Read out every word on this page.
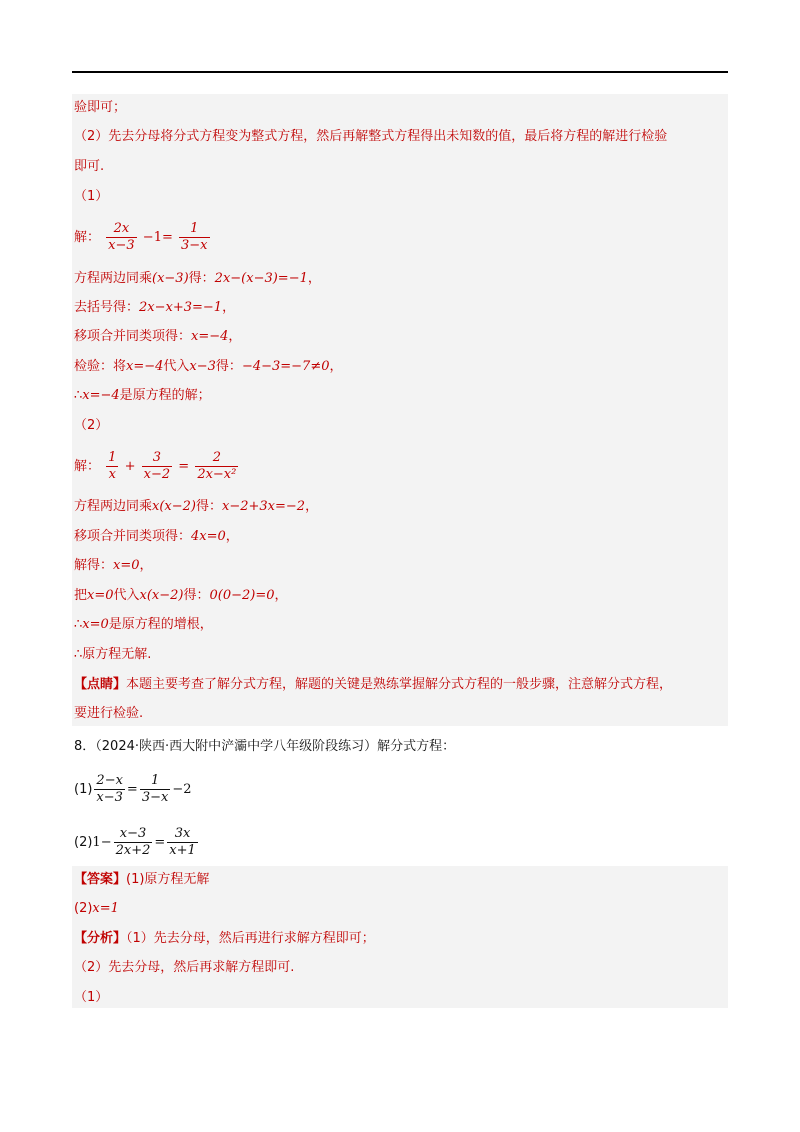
验即可；
（2）先去分母将分式方程变为整式方程，然后再解整式方程得出未知数的值，最后将方程的解进行检验
即可.
（1）
解： $\frac{2x}{x-3} -1= \frac{1}{3-x}$
方程两边同乘(x−3)得：2x−(x−3)=−1，
去括号得：2x−x+3=−1，
移项合并同类项得：x=−4，
检验：将x=−4代入x−3得：−4−3=−7≠0，
∴x=−4是原方程的解；
（2）
解： $\frac{1}{x} + \frac{3}{x-2} = \frac{2}{\text{2x−x²}}$
方程两边同乘x(x−2)得：x−2+3x=−2，
移项合并同类项得：4x=0，
解得：x=0，
把x=0代入x(x−2)得：0(0−2)=0，
∴x=0是原方程的增根，
∴原方程无解.
【点睛】本题主要考查了解分式方程，解题的关键是熟练掌握解分式方程的一般步骤，注意解分式方程，
要进行检验.
8．（2024·陕西·西大附中浐灞中学八年级阶段练习）解分式方程：
$(1) \frac{2-x}{x-3} = \frac{1}{3-x} -2$
$(2)1- \frac{x-3}{2x+2} = \frac{3x}{x+1}$
【答案】(1)原方程无解
(2)x=1
【分析】（1）先去分母，然后再进行求解方程即可；
（2）先去分母，然后再求解方程即可.
（1）
